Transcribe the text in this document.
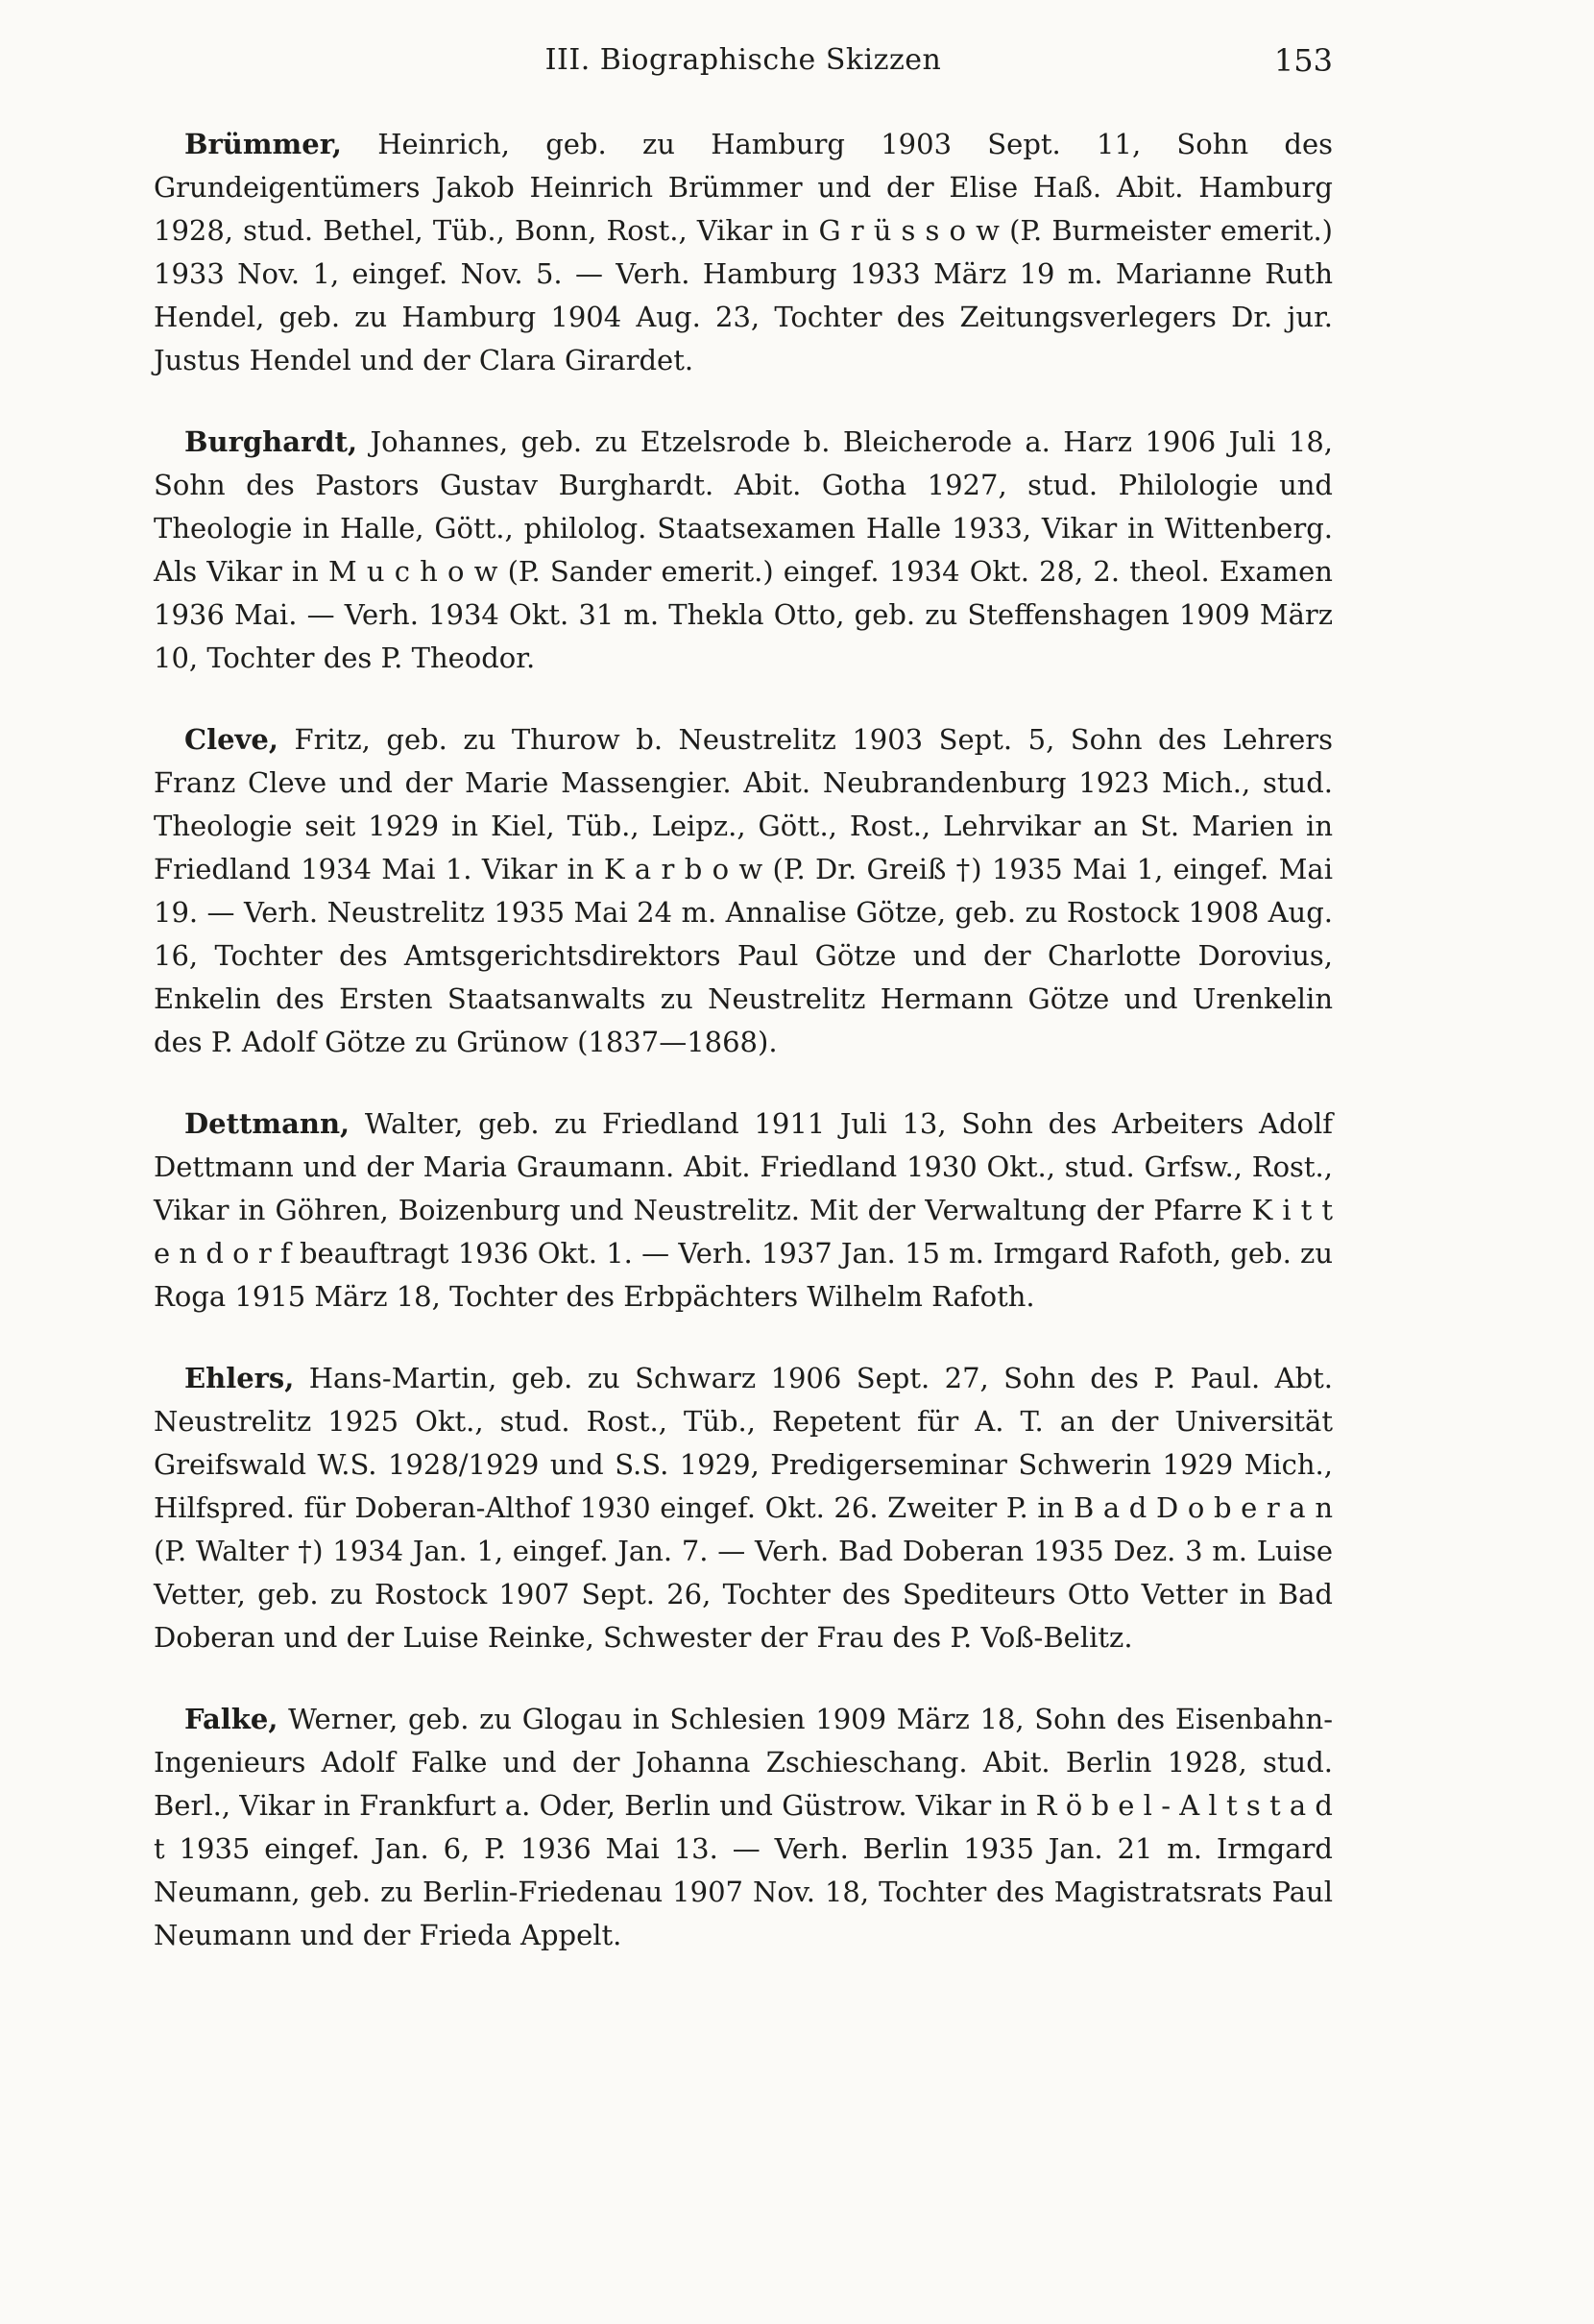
III. Biographische Skizzen	153

Brümmer, Heinrich, geb. zu Hamburg 1903 Sept. 11, Sohn des Grundeigentümers Jakob Heinrich Brümmer und der Elise Haß. Abit. Hamburg 1928, stud. Bethel, Tüb., Bonn, Rost., Vikar in G r ü s s o w (P. Burmeister emerit.) 1933 Nov. 1, eingef. Nov. 5. — Verh. Hamburg 1933 März 19 m. Marianne Ruth Hendel, geb. zu Hamburg 1904 Aug. 23, Tochter des Zeitungsverlegers Dr. jur. Justus Hendel und der Clara Girardet.

Burghardt, Johannes, geb. zu Etzelsrode b. Bleicherode a. Harz 1906 Juli 18, Sohn des Pastors Gustav Burghardt. Abit. Gotha 1927, stud. Philologie und Theologie in Halle, Gött., philolog. Staatsexamen Halle 1933, Vikar in Wittenberg. Als Vikar in M u c h o w (P. Sander emerit.) eingef. 1934 Okt. 28, 2. theol. Examen 1936 Mai. — Verh. 1934 Okt. 31 m. Thekla Otto, geb. zu Steffenshagen 1909 März 10, Tochter des P. Theodor.

Cleve, Fritz, geb. zu Thurow b. Neustrelitz 1903 Sept. 5, Sohn des Lehrers Franz Cleve und der Marie Massengier. Abit. Neubrandenburg 1923 Mich., stud. Theologie seit 1929 in Kiel, Tüb., Leipz., Gött., Rost., Lehrvikar an St. Marien in Friedland 1934 Mai 1. Vikar in K a r b o w (P. Dr. Greiß †) 1935 Mai 1, eingef. Mai 19. — Verh. Neustrelitz 1935 Mai 24 m. Annalise Götze, geb. zu Rostock 1908 Aug. 16, Tochter des Amtsgerichtsdirektors Paul Götze und der Charlotte Dorovius, Enkelin des Ersten Staatsanwalts zu Neustrelitz Hermann Götze und Urenkelin des P. Adolf Götze zu Grünow (1837—1868).

Dettmann, Walter, geb. zu Friedland 1911 Juli 13, Sohn des Arbeiters Adolf Dettmann und der Maria Graumann. Abit. Friedland 1930 Okt., stud. Grfsw., Rost., Vikar in Göhren, Boizenburg und Neustrelitz. Mit der Verwaltung der Pfarre K i t t e n d o r f beauftragt 1936 Okt. 1. — Verh. 1937 Jan. 15 m. Irmgard Rafoth, geb. zu Roga 1915 März 18, Tochter des Erbpächters Wilhelm Rafoth.

Ehlers, Hans-Martin, geb. zu Schwarz 1906 Sept. 27, Sohn des P. Paul. Abt. Neustrelitz 1925 Okt., stud. Rost., Tüb., Repetent für A. T. an der Universität Greifswald W.S. 1928/1929 und S.S. 1929, Predigerseminar Schwerin 1929 Mich., Hilfspred. für Doberan-Althof 1930 eingef. Okt. 26. Zweiter P. in B a d D o b e r a n (P. Walter †) 1934 Jan. 1, eingef. Jan. 7. — Verh. Bad Doberan 1935 Dez. 3 m. Luise Vetter, geb. zu Rostock 1907 Sept. 26, Tochter des Spediteurs Otto Vetter in Bad Doberan und der Luise Reinke, Schwester der Frau des P. Voß-Belitz.

Falke, Werner, geb. zu Glogau in Schlesien 1909 März 18, Sohn des Eisenbahn-Ingenieurs Adolf Falke und der Johanna Zschieschang. Abit. Berlin 1928, stud. Berl., Vikar in Frankfurt a. Oder, Berlin und Güstrow. Vikar in R ö b e l - A l t s t a d t 1935 eingef. Jan. 6, P. 1936 Mai 13. — Verh. Berlin 1935 Jan. 21 m. Irmgard Neumann, geb. zu Berlin-Friedenau 1907 Nov. 18, Tochter des Magistratsrats Paul Neumann und der Frieda Appelt.
